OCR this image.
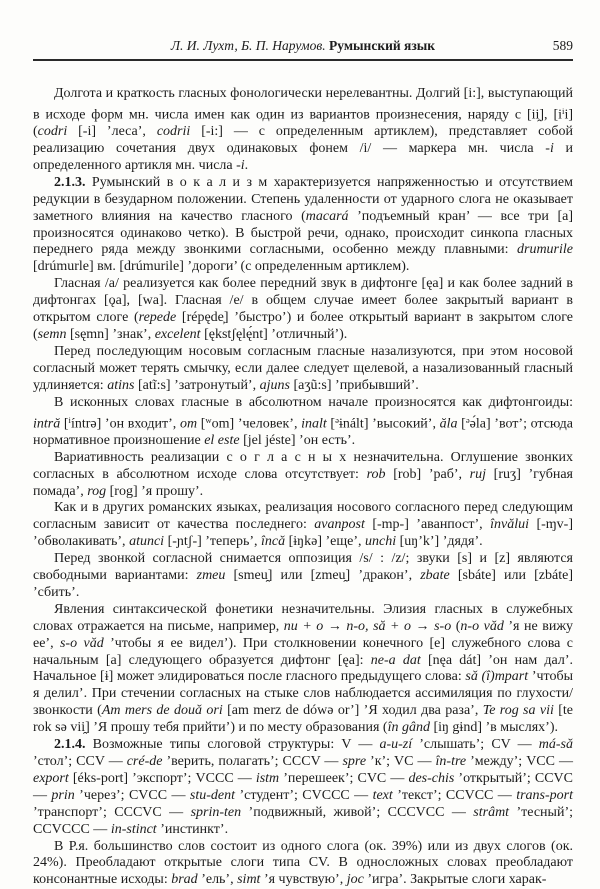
Л. И. Лухт, Б. П. Нарумов. Румынский язык	589

Долгота и краткость гласных фонологически нерелевантны. Долгий [i:], выступающий в исходе форм мн. числа имен как один из вариантов произнесения, наряду с [ii̯], $[i^ii]$ (codri [-i] ’леса’, codrii [-i:] — с определенным артиклем), представляет собой реализацию сочетания двух одинаковых фонем /i/ — маркера мн. числа -i и определенного артикля мн. числа -i.

2.1.3. Румынский в о к а л и з м характеризуется напряженностью и отсутствием редукции в безударном положении. Степень удаленности от ударного слога не оказывает заметного влияния на качество гласного (macará ’подъемный кран’ — все три [a] произносятся одинаково четко). В быстрой речи, однако, происходит синкопа гласных переднего ряда между звонкими согласными, особенно между плавными: drumurile [drúmurle] вм. [drúmurile] ’дороги’ (с определенным артиклем).

Гласная /a/ реализуется как более передний звук в дифтонге [ęa] и как более задний в дифтонгах [ǫa], [wa]. Гласная /e/ в общем случае имеет более закрытый вариант в открытом слоге (repede [répęde̦] ’быстро’) и более открытый вариант в закрытом слоге (semn [sęmn] ’знак’, excelent [ękstʃęlę́nt] ’отличный’).

Перед последующим носовым согласным гласные назализуются, при этом носовой согласный может терять смычку, если далее следует щелевой, а назализованный гласный удлиняется: atins [atĩ:s] ’затронутый’, ajuns [aʒũ:s] ’прибывший’.

В исконных словах гласные в абсолютном начале произносятся как дифтонгоиды: intră [$^i$íntrə] ’он входит’, om [$^w$om] ’человек’, inalt [$^ə$ɨnált] ’высокий’, ăla [$^ə$ə́la] ’вот’; отсюда нормативное произношение el este [jel jéste] ’он есть’.

Вариативность реализации с о г л а с н ы х незначительна. Оглушение звонких согласных в абсолютном исходе слова отсутствует: rob [rob] ’раб’, ruj [ruʒ] ’губная помада’, rog [rog] ’я прошу’.

Как и в других романских языках, реализация носового согласного перед следующим согласным зависит от качества последнего: avanpost [-mp-] ’аванпост’, învălui [-ɱv-] ’обволакивать’, atunci [-ɲtʃ-] ’теперь’, încă [ɨŋkə] ’еще’, unchi [uŋ’k’] ’дядя’.

Перед звонкой согласной снимается оппозиция /s/ : /z/; звуки [s] и [z] являются свободными вариантами: zmeu [smeu̯] или [zmeu̯] ’дракон’, zbate [sbáte] или [zbáte] ’сбить’.

Явления синтаксической фонетики незначительны. Элизия гласных в служебных словах отражается на письме, например, nu + o → n-o, să + o → s-o (n-o văd ’я не вижу ее’, s-o văd ’чтобы я ее видел’). При столкновении конечного [e] служебного слова с начальным [a] следующего образуется дифтонг [ęa]: ne-a dat [nęa dát] ’он нам дал’. Начальное [ɨ] может элидироваться после гласного предыдущего слова: să (î)mpart ’чтобы я делил’. При стечении согласных на стыке слов наблюдается ассимиляция по глухости/звонкости (Am mers de două ori [am merz de dówə or’] ’Я ходил два раза’, Te rog sa vii [te rok sə vii̯] ’Я прошу тебя прийти’) и по месту образования (în gând [iŋ gɨnd] ’в мыслях’).

2.1.4. Возможные типы слоговой структуры: V — a-u-zí ’слышать’; CV — má-să ’стол’; CCV — cré-de ’верить, полагать’; CCCV — spre ’к’; VC — în-tre ’между’; VCC — export [éks-port] ’экспорт’; VCCC — istm ’перешеек’; CVC — des-chis ’открытый’; CCVC — prin ’через’; CVCC — stu-dent ’студент’; CVCCC — text ’текст’; CCVCC — trans-port ’транспорт’; CCCVC — sprin-ten ’подвижный, живой’; CCCVCC — strâmt ’тесный’; CCVCCC — in-stinct ’инстинкт’.

В Р.я. большинство слов состоит из одного слога (ок. 39%) или из двух слогов (ок. 24%). Преобладают открытые слоги типа CV. В односложных словах преобладают консонантные исходы: brad ’ель’, simt ’я чувствую’, joc ’игра’. Закрытые слоги харак-
